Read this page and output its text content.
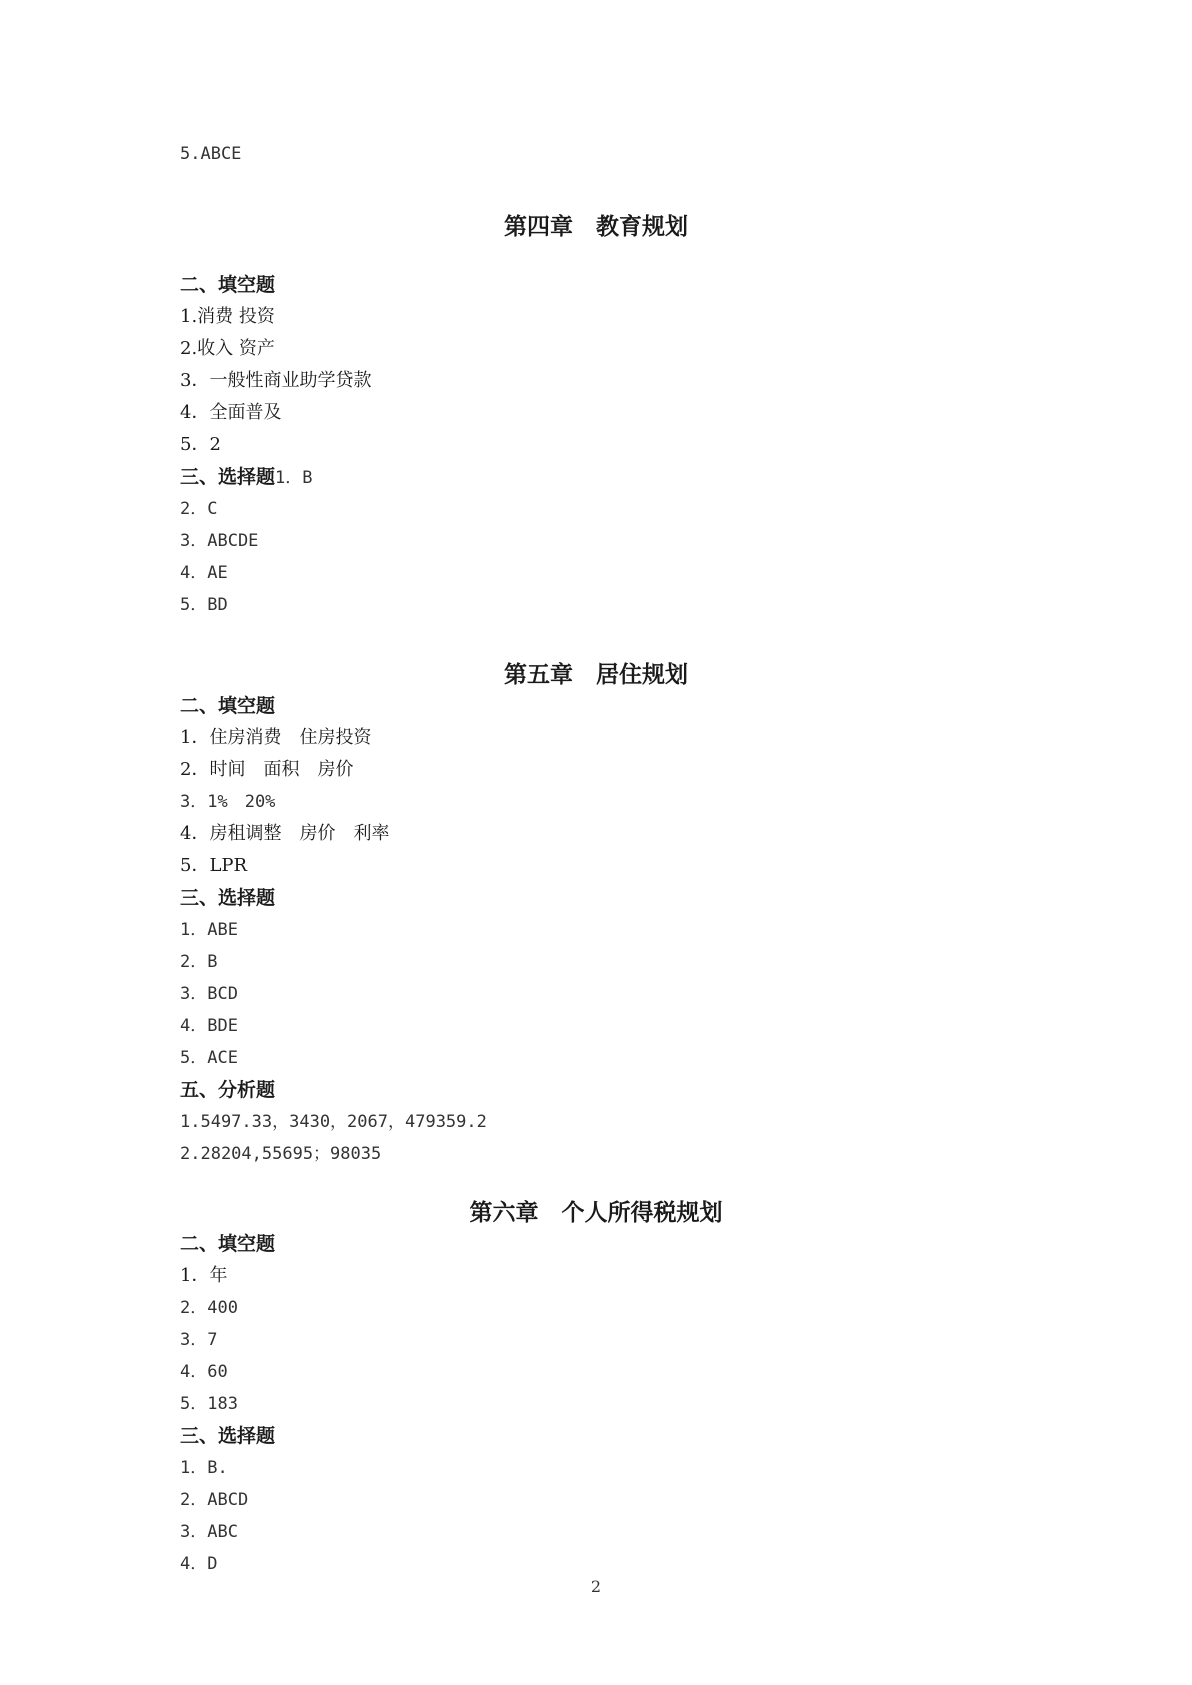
5.ABCE
第四章　教育规划
二、填空题
1.消费 投资
2.收入 资产
3．一般性商业助学贷款
4．全面普及
5．2
三、选择题1．B
2．C
3．ABCDE
4．AE
5．BD
第五章　居住规划
二、填空题
1．住房消费　住房投资
2．时间　面积　房价
3．1%　20%
4．房租调整　房价　利率
5．LPR
三、选择题
1．ABE
2．B
3．BCD
4．BDE
5．ACE
五、分析题
1.5497.33，3430，2067，479359.2
2.28204,55695；98035
第六章　个人所得税规划
二、填空题
1．年
2．400
3．7
4．60
5．183
三、选择题
1．B.
2．ABCD
3．ABC
4．D
2
